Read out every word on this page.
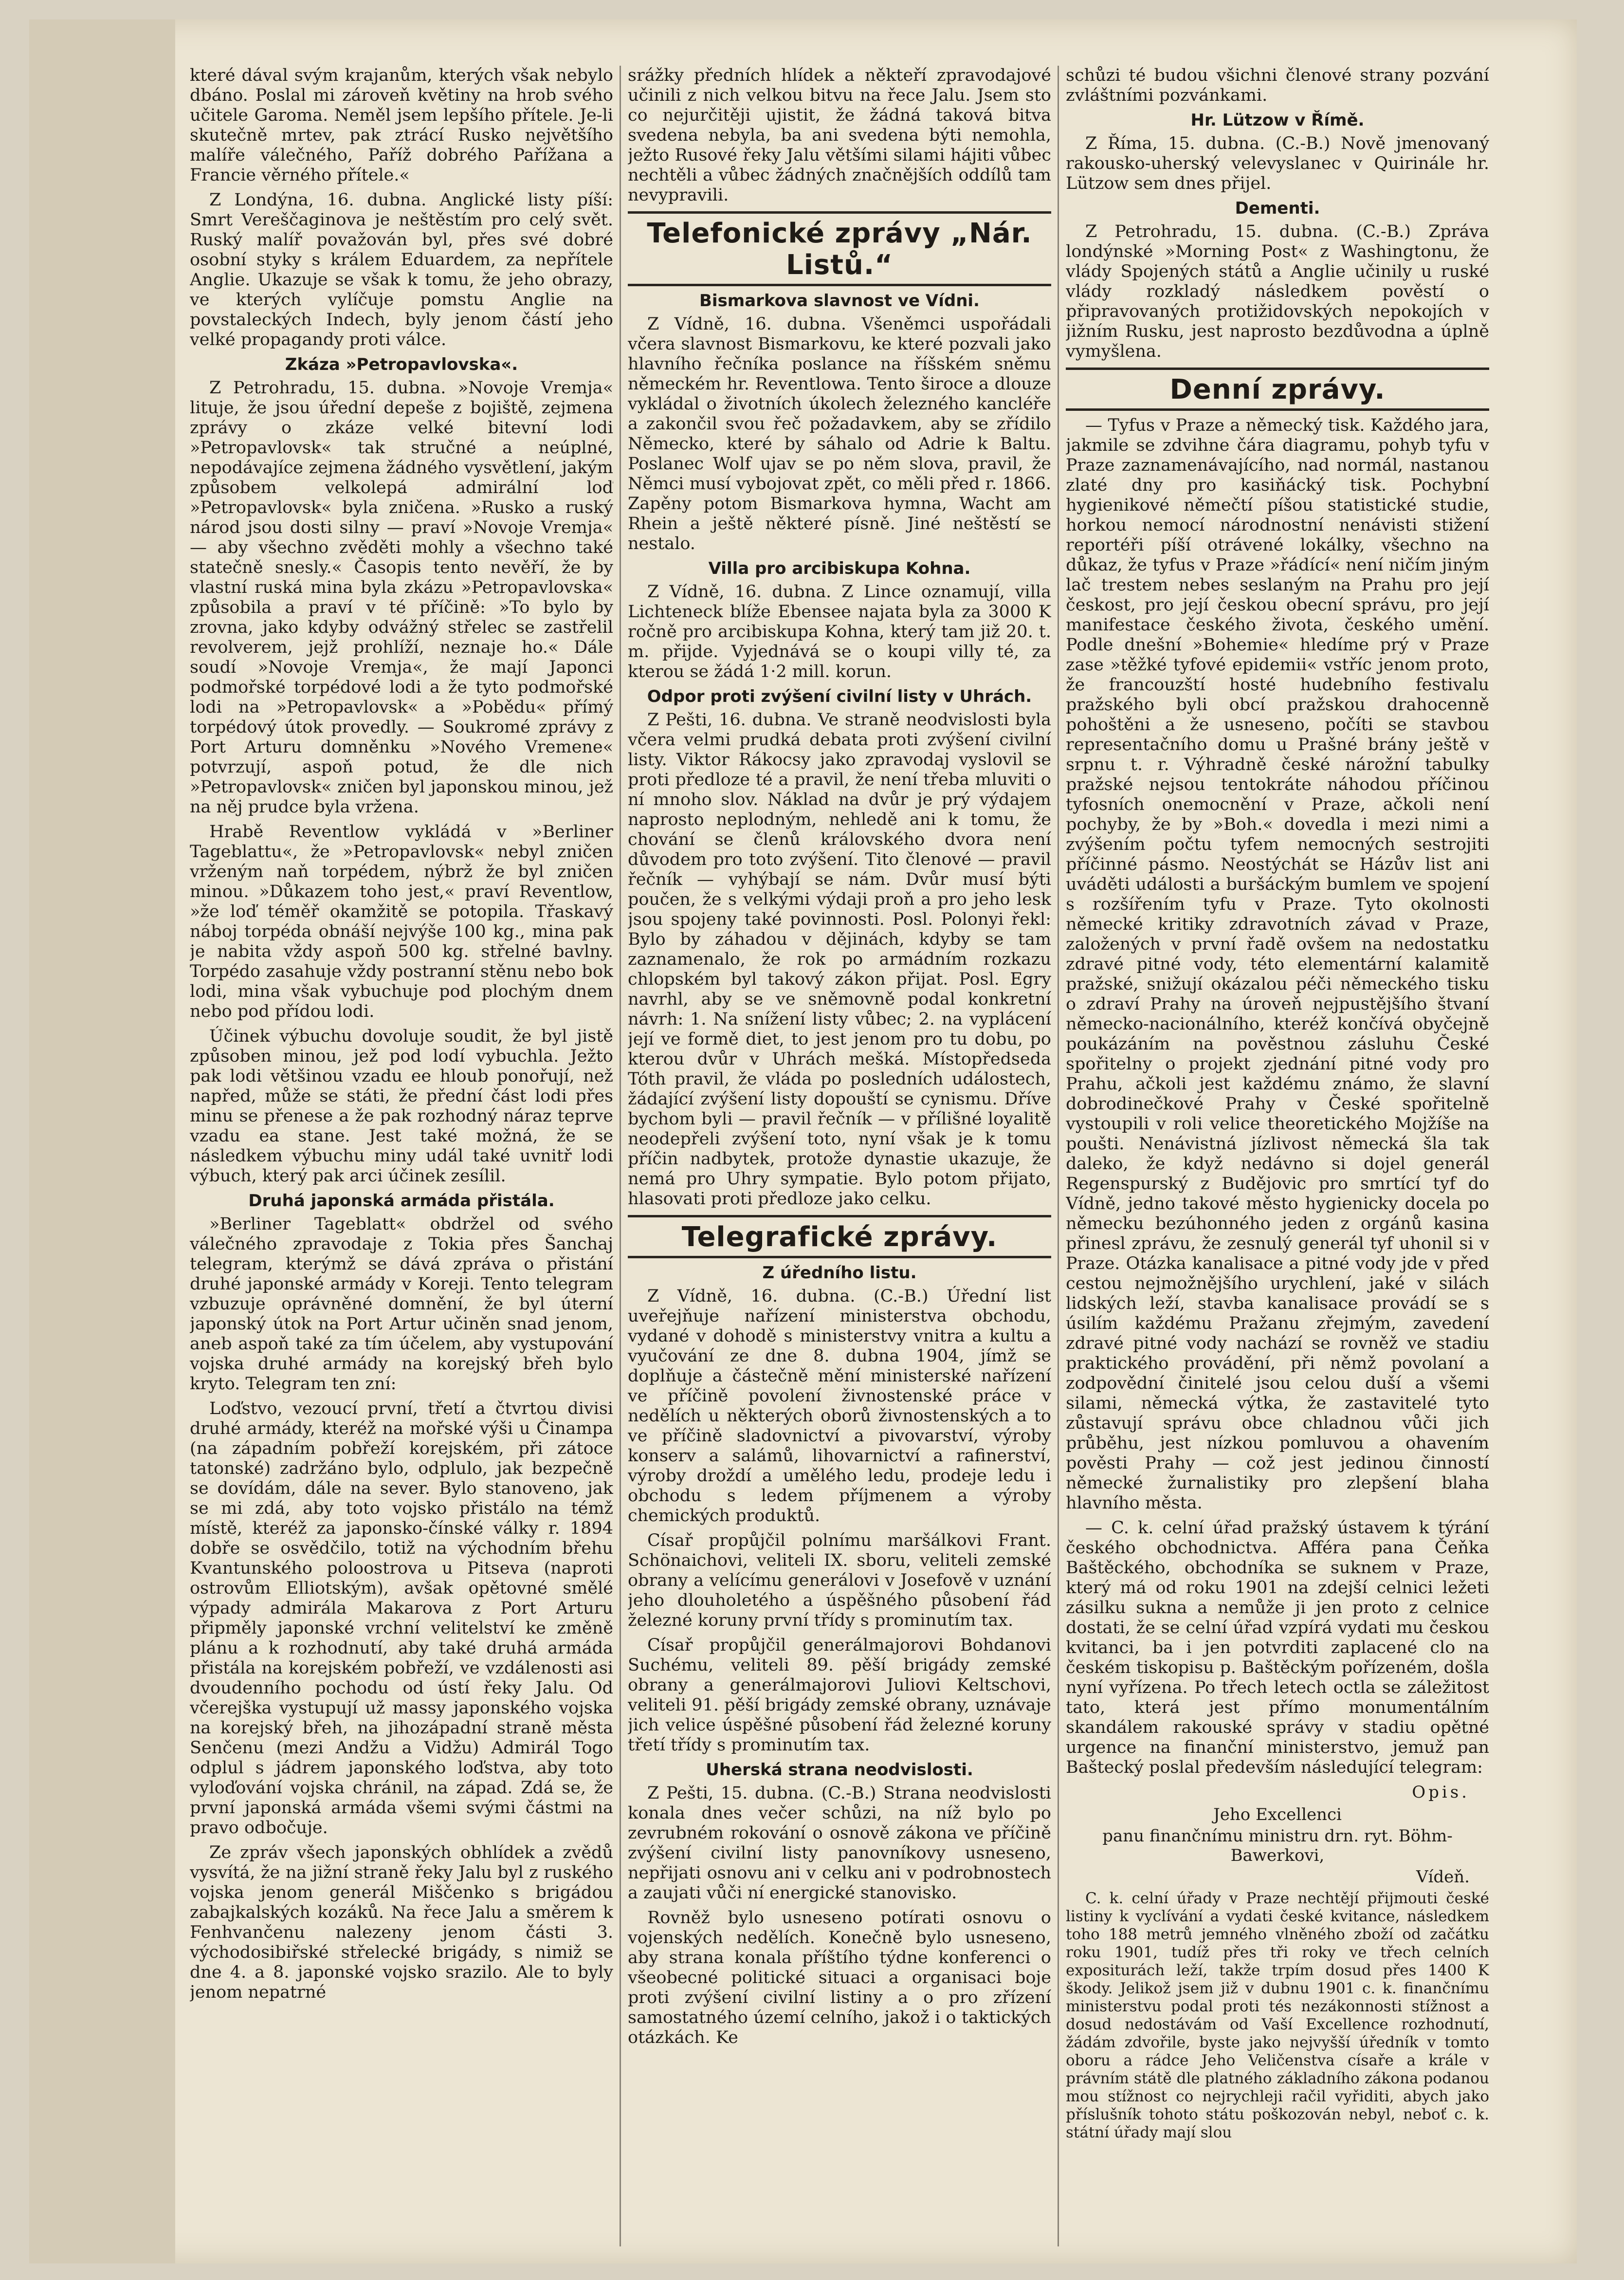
které dával svým krajanům, kterých však nebylo dbáno. Poslal mi zároveň květiny na hrob svého učitele Garoma. Neměl jsem lepšího přítele. Je-li skutečně mrtev, pak ztrácí Rusko největšího malíře válečného, Paříž dobrého Pařížana a Francie věrného přítele.«

Z Londýna, 16. dubna. Anglické listy píší: Smrt Vereščaginova je neštěstím pro celý svět. Ruský malíř považován byl, přes své dobré osobní styky s králem Eduardem, za nepřítele Anglie. Ukazuje se však k tomu, že jeho obrazy, ve kterých vylíčuje pomstu Anglie na povstaleckých Indech, byly jenom částí jeho velké propagandy proti válce.

Zkáza »Petropavlovska«.

Z Petrohradu, 15. dubna. »Novoje Vremja« lituje, že jsou úřední depeše z bojiště, zejmena zprávy o zkáze velké bitevní lodi »Petropavlovsk« tak stručné a neúplné, nepodávajíce zejmena žádného vysvětlení, jakým způsobem velkolepá admirální loď »Petropavlovsk« byla zničena. »Rusko a ruský národ jsou dosti silny — praví »Novoje Vremja« — aby všechno zvěděti mohly a všechno také statečně snesly.« Časopis tento nevěří, že by vlastní ruská mina byla zkázu »Petropavlovska« způsobila a praví v té příčině: »To bylo by zrovna, jako kdyby odvážný střelec se zastřelil revolverem, jejž prohlíží, neznaje ho.« Dále soudí »Novoje Vremja«, že mají Japonci podmořské torpédové lodi a že tyto podmořské lodi na »Petropavlovsk« a »Pobědu« přímý torpédový útok provedly. — Soukromé zprávy z Port Arturu domněnku »Nového Vremene« potvrzují, aspoň potud, že dle nich »Petropavlovsk« zničen byl japonskou minou, jež na něj prudce byla vržena.

Hrabě Reventlow vykládá v »Berliner Tageblattu«, že »Petropavlovsk« nebyl zničen vrženým naň torpédem, nýbrž že byl zničen minou. »Důkazem toho jest,« praví Reventlow, »že loď téměř okamžitě se potopila. Třaskavý náboj torpéda obnáší nejvýše 100 kg., mina pak je nabita vždy aspoň 500 kg. střelné bavlny. Torpédo zasahuje vždy postranní stěnu nebo bok lodi, mina však vybuchuje pod plochým dnem nebo pod přídou lodi.

Účinek výbuchu dovoluje soudit, že byl jistě způsoben minou, jež pod lodí vybuchla. Ježto pak lodi většinou vzadu ee hloub ponořují, než napřed, může se státi, že přední část lodi přes minu se přenese a že pak rozhodný náraz teprve vzadu ea stane. Jest také možná, že se následkem výbuchu miny udál také uvnitř lodi výbuch, který pak arci účinek zesílil.

Druhá japonská armáda přistála.

»Berliner Tageblatt« obdržel od svého válečného zpravodaje z Tokia přes Šanchaj telegram, kterýmž se dává zpráva o přistání druhé japonské armády v Koreji. Tento telegram vzbuzuje oprávněné domnění, že byl úterní japonský útok na Port Artur učiněn snad jenom, aneb aspoň také za tím účelem, aby vystupování vojska druhé armády na korejský břeh bylo kryto. Telegram ten zní:

Loďstvo, vezoucí první, třetí a čtvrtou divisi druhé armády, kteréž na mořské výši u Činampa (na západním pobřeží korejském, při zátoce tatonské) zadržáno bylo, odplulo, jak bezpečně se dovídám, dále na sever. Bylo stanoveno, jak se mi zdá, aby toto vojsko přistálo na témž místě, kteréž za japonsko-čínské války r. 1894 dobře se osvědčilo, totiž na východním břehu Kvantunského poloostrova u Pitseva (naproti ostrovům Elliotským), avšak opětovné smělé výpady admirála Makarova z Port Arturu připměly japonské vrchní velitelství ke změně plánu a k rozhodnutí, aby také druhá armáda přistála na korejském pobřeží, ve vzdálenosti asi dvoudenního pochodu od ústí řeky Jalu. Od včerejška vystupují už massy japonského vojska na korejský břeh, na jihozápadní straně města Senčenu (mezi Andžu a Vidžu) Admirál Togo odplul s jádrem japonského loďstva, aby toto vyloďování vojska chránil, na západ. Zdá se, že první japonská armáda všemi svými částmi na pravo odbočuje.

Ze zpráv všech japonských obhlídek a zvědů vysvítá, že na jižní straně řeky Jalu byl z ruského vojska jenom generál Miščenko s brigádou zabajkalských kozáků. Na řece Jalu a směrem k Fenhvančenu nalezeny jenom části 3. východosibiřské střelecké brigády, s nimiž se dne 4. a 8. japonské vojsko srazilo. Ale to byly jenom nepatrné

srážky předních hlídek a někteří zpravodajové učinili z nich velkou bitvu na řece Jalu. Jsem sto co nejurčitěji ujistit, že žádná taková bitva svedena nebyla, ba ani svedena býti nemohla, ježto Rusové řeky Jalu většími silami hájiti vůbec nechtěli a vůbec žádných značnějších oddílů tam nevypravili.

Telefonické zprávy „Nár. Listů.“
Bismarkova slavnost ve Vídni.

Z Vídně, 16. dubna. Všeněmci uspořádali včera slavnost Bismarkovu, ke které pozvali jako hlavního řečníka poslance na říšském sněmu německém hr. Reventlowa. Tento široce a dlouze vykládal o životních úkolech železného kancléře a zakončil svou řeč požadavkem, aby se zřídilo Německo, které by sáhalo od Adrie k Baltu. Poslanec Wolf ujav se po něm slova, pravil, že Němci musí vybojovat zpět, co měli před r. 1866. Zapěny potom Bismarkova hymna, Wacht am Rhein a ještě některé písně. Jiné neštěstí se nestalo.

Villa pro arcibiskupa Kohna.

Z Vídně, 16. dubna. Z Lince oznamují, villa Lichteneck blíže Ebensee najata byla za 3000 K ročně pro arcibiskupa Kohna, který tam již 20. t. m. přijde. Vyjednává se o koupi villy té, za kterou se žádá 1·2 mill. korun.

Odpor proti zvýšení civilní listy v Uhrách.

Z Pešti, 16. dubna. Ve straně neodvislosti byla včera velmi prudká debata proti zvýšení civilní listy. Viktor Rákocsy jako zpravodaj vyslovil se proti předloze té a pravil, že není třeba mluviti o ní mnoho slov. Náklad na dvůr je prý výdajem naprosto neplodným, nehledě ani k tomu, že chování se členů královského dvora není důvodem pro toto zvýšení. Tito členové — pravil řečník — vyhýbají se nám. Dvůr musí býti poučen, že s velkými výdaji proň a pro jeho lesk jsou spojeny také povinnosti. Posl. Polonyi řekl: Bylo by záhadou v dějinách, kdyby se tam zaznamenalo, že rok po armádním rozkazu chlopském byl takový zákon přijat. Posl. Egry navrhl, aby se ve sněmovně podal konkretní návrh: 1. Na snížení listy vůbec; 2. na vyplácení její ve formě diet, to jest jenom pro tu dobu, po kterou dvůr v Uhrách mešká. Místopředseda Tóth pravil, že vláda po posledních událostech, žádající zvýšení listy dopouští se cynismu. Dříve bychom byli — pravil řečník — v přílišné loyalitě neodepřeli zvýšení toto, nyní však je k tomu příčin nadbytek, protože dynastie ukazuje, že nemá pro Uhry sympatie. Bylo potom přijato, hlasovati proti předloze jako celku.

Telegrafické zprávy.
Z úředního listu.

Z Vídně, 16. dubna. (C.-B.) Úřední list uveřejňuje nařízení ministerstva obchodu, vydané v dohodě s ministerstvy vnitra a kultu a vyučování ze dne 8. dubna 1904, jímž se doplňuje a částečně mění ministerské nařízení ve příčině povolení živnostenské práce v nedělích u některých oborů živnostenských a to ve příčině sladovnictví a pivovarství, výroby konserv a salámů, lihovarnictví a rafinerství, výroby droždí a umělého ledu, prodeje ledu i obchodu s ledem příjmenem a výroby chemických produktů.

Císař propůjčil polnímu maršálkovi Frant. Schönaichovi, veliteli IX. sboru, veliteli zemské obrany a velícímu generálovi v Josefově v uznání jeho dlouholetého a úspěšného působení řád železné koruny první třídy s prominutím tax.

Císař propůjčil generálmajorovi Bohdanovi Suchému, veliteli 89. pěší brigády zemské obrany a generálmajorovi Juliovi Keltschovi, veliteli 91. pěší brigády zemské obrany, uznávaje jich velice úspěšné působení řád železné koruny třetí třídy s prominutím tax.

Uherská strana neodvislosti.

Z Pešti, 15. dubna. (C.-B.) Strana neodvislosti konala dnes večer schůzi, na níž bylo po zevrubném rokování o osnově zákona ve příčině zvýšení civilní listy panovníkovy usneseno, nepřijati osnovu ani v celku ani v podrobnostech a zaujati vůči ní energické stanovisko.

Rovněž bylo usneseno potírati osnovu o vojenských nedělích. Konečně bylo usneseno, aby strana konala příštího týdne konferenci o všeobecné politické situaci a organisaci boje proti zvýšení civilní listiny a o pro zřízení samostatného území celního, jakož i o taktických otázkách. Ke

schůzi té budou všichni členové strany pozvání zvláštními pozvánkami.

Hr. Lützow v Římě.

Z Říma, 15. dubna. (C.-B.) Nově jmenovaný rakousko-uherský velevyslanec v Quirinále hr. Lützow sem dnes přijel.

Dementi.

Z Petrohradu, 15. dubna. (C.-B.) Zpráva londýnské »Morning Post« z Washingtonu, že vlády Spojených států a Anglie učinily u ruské vlády rozkladý následkem pověstí o připravovaných protižidovských nepokojích v jižním Rusku, jest naprosto bezdůvodna a úplně vymyšlena.

Denní zprávy.

— Tyfus v Praze a německý tisk. Každého jara, jakmile se zdvihne čára diagramu, pohyb tyfu v Praze zaznamenávajícího, nad normál, nastanou zlaté dny pro kasiňácký tisk. Pochybní hygienikové němečtí píšou statistické studie, horkou nemocí národnostní nenávisti stižení reportéři píší otrávené lokálky, všechno na důkaz, že tyfus v Praze »řádící« není ničím jiným lač trestem nebes seslaným na Prahu pro její českost, pro její českou obecní správu, pro její manifestace českého života, českého umění. Podle dnešní »Bohemie« hledíme prý v Praze zase »těžké tyfové epidemii« vstříc jenom proto, že francouzští hosté hudebního festivalu pražského byli obcí pražskou drahocenně pohoštěni a že usneseno, počíti se stavbou representačního domu u Prašné brány ještě v srpnu t. r. Výhradně české nárožní tabulky pražské nejsou tentokráte náhodou příčinou tyfosních onemocnění v Praze, ačkoli není pochyby, že by »Boh.« dovedla i mezi nimi a zvýšením počtu tyfem nemocných sestrojiti příčinné pásmo. Neostýchát se Házův list ani uváděti události a buršáckým bumlem ve spojení s rozšířením tyfu v Praze. Tyto okolnosti německé kritiky zdravotních závad v Praze, založených v první řadě ovšem na nedostatku zdravé pitné vody, této elementární kalamitě pražské, snižují okázalou péči německého tisku o zdraví Prahy na úroveň nejpustějšího štvaní německo-nacionálního, kteréž končívá obyčejně poukázáním na pověstnou zásluhu České spořitelny o projekt zjednání pitné vody pro Prahu, ačkoli jest každému známo, že slavní dobrodinečkové Prahy v České spořitelně vystoupili v roli velice theoretického Mojžíše na poušti. Nenávistná jízlivost německá šla tak daleko, že když nedávno si dojel generál Regenspurský z Budějovic pro smrtící tyf do Vídně, jedno takové město hygienicky docela po německu bezúhonného jeden z orgánů kasina přinesl zprávu, že zesnulý generál tyf uhonil si v Praze. Otázka kanalisace a pitné vody jde v před cestou nejmožnějšího urychlení, jaké v silách lidských leží, stavba kanalisace provádí se s úsilím každému Pražanu zřejmým, zavedení zdravé pitné vody nachází se rovněž ve stadiu praktického provádění, při němž povolaní a zodpovědní činitelé jsou celou duší a všemi silami, německá výtka, že zastavitelé tyto zůstavují správu obce chladnou vůči jich průběhu, jest nízkou pomluvou a ohavením pověsti Prahy — což jest jedinou činností německé žurnalistiky pro zlepšení blaha hlavního města.

— C. k. celní úřad pražský ústavem k týrání českého obchodnictva. Afféra pana Čeňka Baštěckého, obchodníka se suknem v Praze, který má od roku 1901 na zdejší celnici ležeti zásilku sukna a nemůže ji jen proto z celnice dostati, že se celní úřad vzpírá vydati mu českou kvitanci, ba i jen potvrditi zaplacené clo na českém tiskopisu p. Baštěckým pořízeném, došla nyní vyřízena. Po třech letech octla se záležitost tato, která jest přímo monumentálním skandálem rakouské správy v stadiu opětné urgence na finanční ministerstvo, jemuž pan Baštecký poslal především následující telegram:

Opis.
Jeho Excellenci
panu finančnímu ministru drn. ryt. Böhm-Bawerkovi,
Vídeň.

C. k. celní úřady v Praze nechtějí přijmouti české listiny k vyclívání a vydati české kvitance, následkem toho 188 metrů jemného vlněného zboží od začátku roku 1901, tudíž přes tři roky ve třech celních expositurách leží, takže trpím dosud přes 1400 K škody. Jelikož jsem již v dubnu 1901 c. k. finančnímu ministerstvu podal proti tés nezákonnosti stížnost a dosud nedostávám od Vaší Excellence rozhodnutí, žádám zdvořile, byste jako nejvyšší úředník v tomto oboru a rádce Jeho Veličenstva císaře a krále v právním státě dle platného základního zákona podanou mou stížnost co nejrychleji račil vyřiditi, abych jako příslušník tohoto státu poškozován nebyl, neboť c. k. státní úřady mají slou
